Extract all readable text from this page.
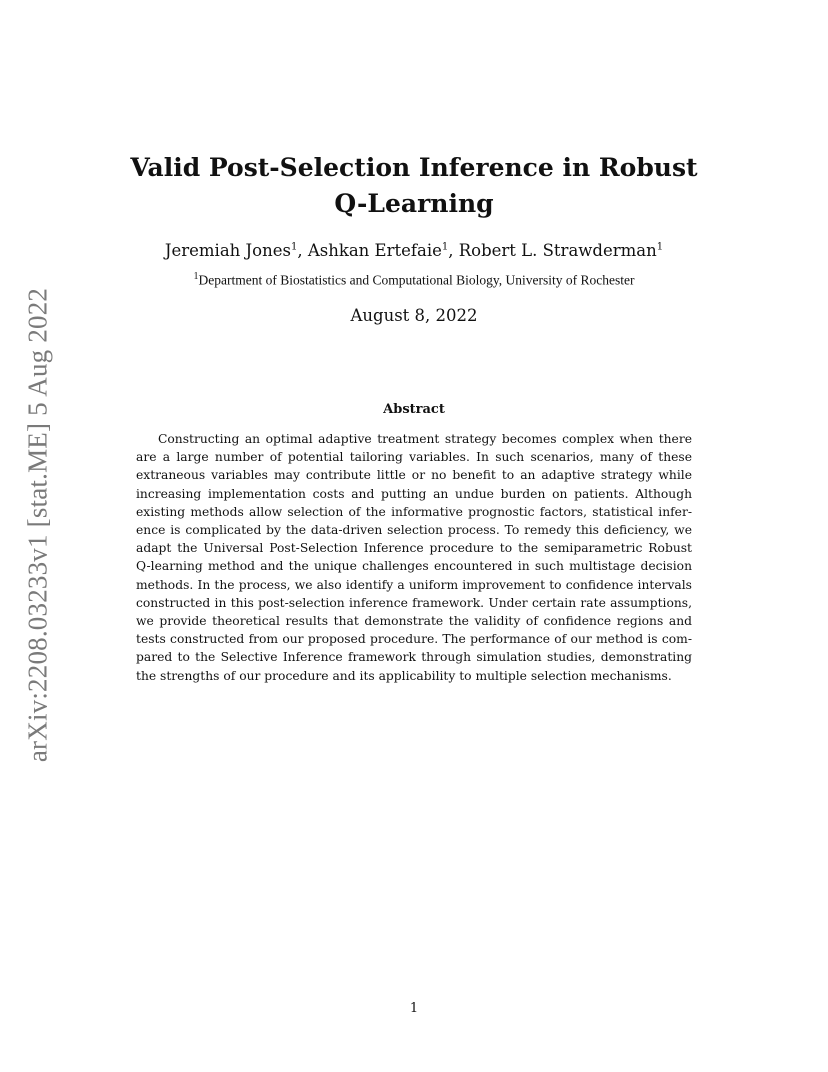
arXiv:2208.03233v1 [stat.ME] 5 Aug 2022
Valid Post-Selection Inference in Robust
Q-Learning
Jeremiah Jones$^1$, Ashkan Ertefaie$^1$, Robert L. Strawderman$^1$
$^1$Department of Biostatistics and Computational Biology, University of Rochester
August 8, 2022
Abstract
Constructing an optimal adaptive treatment strategy becomes complex when there
are a large number of potential tailoring variables. In such scenarios, many of these
extraneous variables may contribute little or no benefit to an adaptive strategy while
increasing implementation costs and putting an undue burden on patients. Although
existing methods allow selection of the informative prognostic factors, statistical infer-
ence is complicated by the data-driven selection process. To remedy this deficiency, we
adapt the Universal Post-Selection Inference procedure to the semiparametric Robust
Q-learning method and the unique challenges encountered in such multistage decision
methods. In the process, we also identify a uniform improvement to confidence intervals
constructed in this post-selection inference framework. Under certain rate assumptions,
we provide theoretical results that demonstrate the validity of confidence regions and
tests constructed from our proposed procedure. The performance of our method is com-
pared to the Selective Inference framework through simulation studies, demonstrating
the strengths of our procedure and its applicability to multiple selection mechanisms.
1
